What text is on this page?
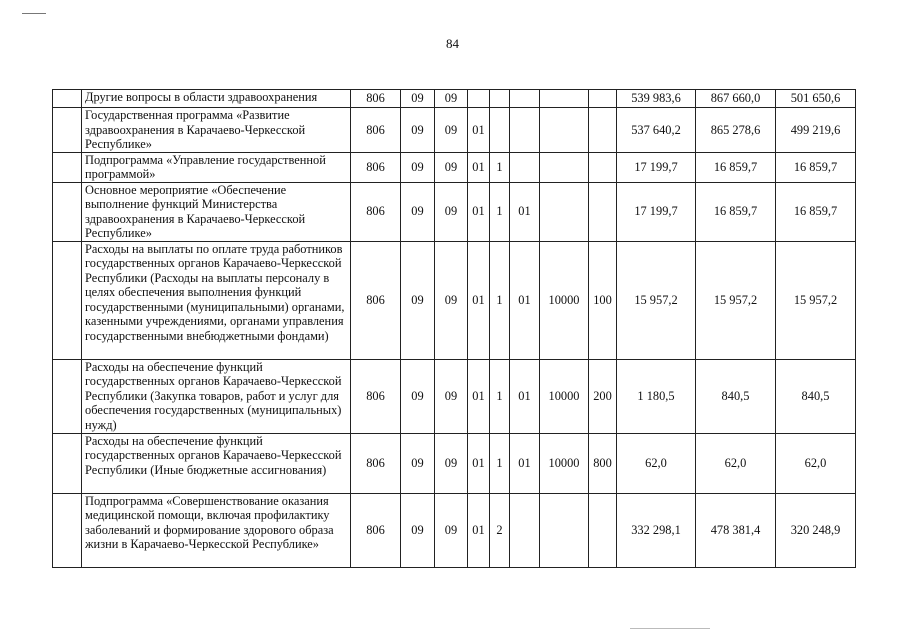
84
	Другие вопросы в области здравоохранения	806	09	09						539 983,6	867 660,0	501 650,6
	Государственная программа «Развитие здравоохранения в Карачаево-Черкесской Республике»	806	09	09	01					537 640,2	865 278,6	499 219,6
	Подпрограмма «Управление государственной программой»	806	09	09	01	1				17 199,7	16 859,7	16 859,7
	Основное мероприятие «Обеспечение выполнение функций Министерства здравоохранения в Карачаево-Черкесской Республике»	806	09	09	01	1	01			17 199,7	16 859,7	16 859,7
	Расходы на выплаты по оплате труда работников государственных органов Карачаево-Черкесской Республики (Расходы на выплаты персоналу в целях обеспечения выполнения функций государственными (муниципальными) органами, казенными учреждениями, органами управления государственными внебюджетными фондами)	806	09	09	01	1	01	10000	100	15 957,2	15 957,2	15 957,2
	Расходы на обеспечение функций государственных органов Карачаево-Черкесской Республики (Закупка товаров, работ и услуг для обеспечения государственных (муниципальных) нужд)	806	09	09	01	1	01	10000	200	1 180,5	840,5	840,5
	Расходы на обеспечение функций государственных органов Карачаево-Черкесской Республики (Иные бюджетные ассигнования)	806	09	09	01	1	01	10000	800	62,0	62,0	62,0
	Подпрограмма «Совершенствование оказания медицинской помощи, включая профилактику заболеваний и формирование здорового образа жизни в Карачаево-Черкесской Республике»	806	09	09	01	2				332 298,1	478 381,4	320 248,9
